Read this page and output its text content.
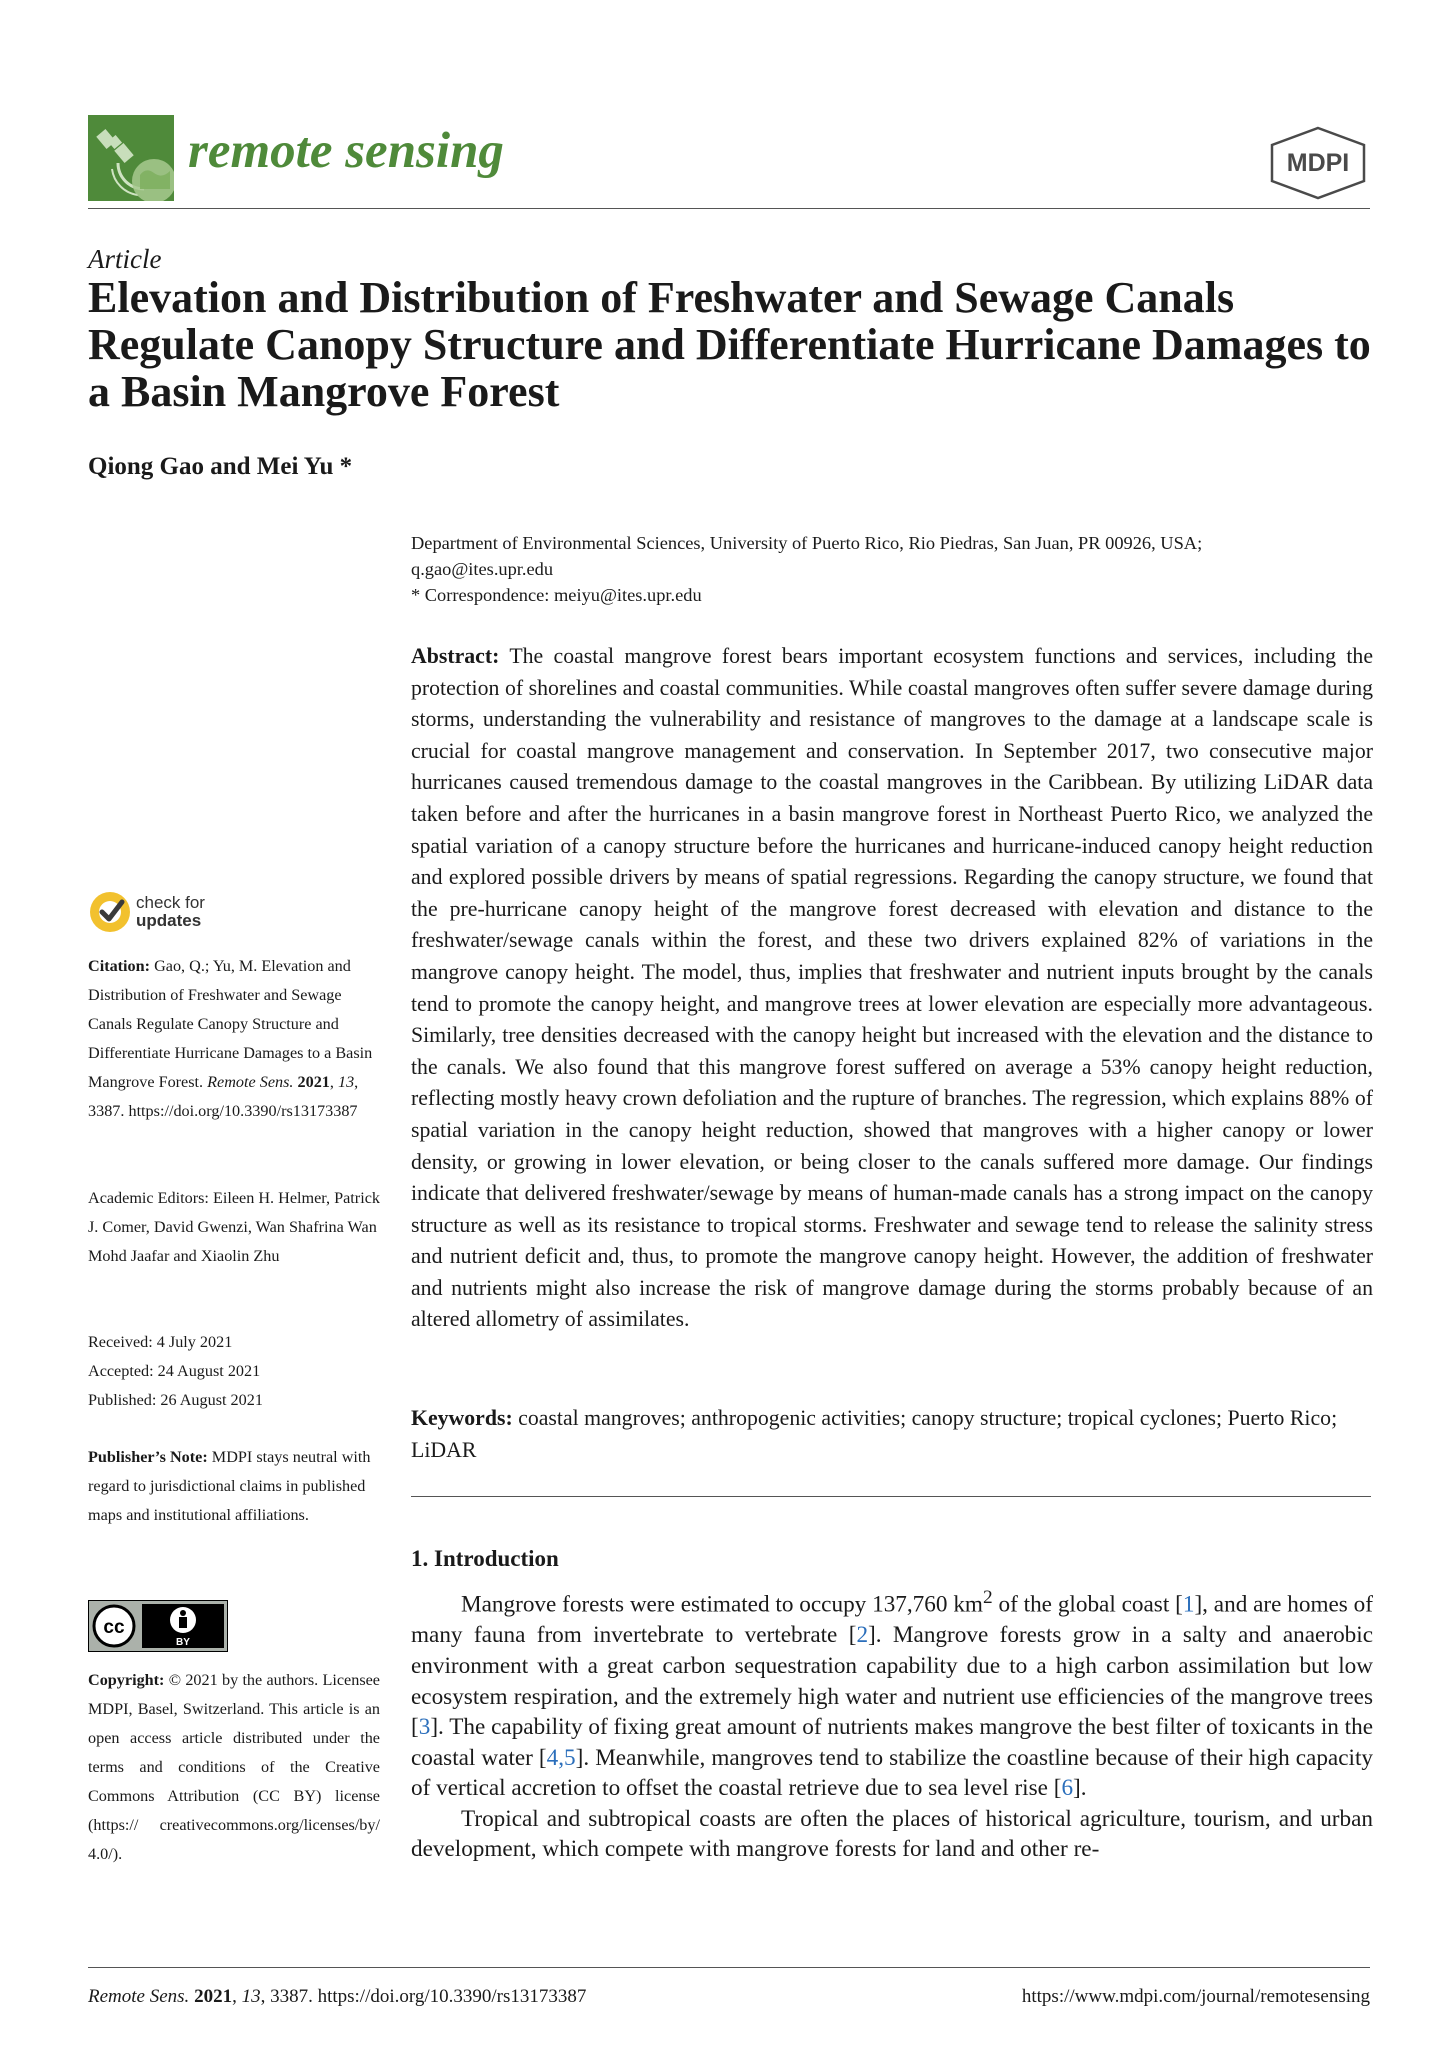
remote sensing	MDPI
Article
Elevation and Distribution of Freshwater and Sewage Canals Regulate Canopy Structure and Differentiate Hurricane Damages to a Basin Mangrove Forest
Qiong Gao and Mei Yu *
Department of Environmental Sciences, University of Puerto Rico, Rio Piedras, San Juan, PR 00926, USA;
q.gao@ites.upr.edu
* Correspondence: meiyu@ites.upr.edu
Abstract: The coastal mangrove forest bears important ecosystem functions and services, including the protection of shorelines and coastal communities. While coastal mangroves often suffer severe damage during storms, understanding the vulnerability and resistance of mangroves to the damage at a landscape scale is crucial for coastal mangrove management and conservation. In September 2017, two consecutive major hurricanes caused tremendous damage to the coastal mangroves in the Caribbean. By utilizing LiDAR data taken before and after the hurricanes in a basin mangrove forest in Northeast Puerto Rico, we analyzed the spatial variation of a canopy structure before the hurricanes and hurricane-induced canopy height reduction and explored possible drivers by means of spatial regressions. Regarding the canopy structure, we found that the pre-hurricane canopy height of the mangrove forest decreased with elevation and distance to the freshwater/sewage canals within the forest, and these two drivers explained 82% of variations in the mangrove canopy height. The model, thus, implies that freshwater and nutrient inputs brought by the canals tend to promote the canopy height, and mangrove trees at lower elevation are especially more advantageous. Similarly, tree densities decreased with the canopy height but increased with the elevation and the distance to the canals. We also found that this mangrove forest suffered on average a 53% canopy height reduction, reflecting mostly heavy crown defoliation and the rupture of branches. The regression, which explains 88% of spatial variation in the canopy height reduction, showed that mangroves with a higher canopy or lower density, or growing in lower elevation, or being closer to the canals suffered more damage. Our findings indicate that delivered freshwater/sewage by means of human-made canals has a strong impact on the canopy structure as well as its resistance to tropical storms. Freshwater and sewage tend to release the salinity stress and nutrient deficit and, thus, to promote the mangrove canopy height. However, the addition of freshwater and nutrients might also increase the risk of mangrove damage during the storms probably because of an altered allometry of assimilates.
Keywords: coastal mangroves; anthropogenic activities; canopy structure; tropical cyclones; Puerto Rico; LiDAR
1. Introduction

Mangrove forests were estimated to occupy 137,760 $km^2$ of the global coast [1], and are homes of many fauna from invertebrate to vertebrate [2]. Mangrove forests grow in a salty and anaerobic environment with a great carbon sequestration capability due to a high carbon assimilation but low ecosystem respiration, and the extremely high water and nutrient use efficiencies of the mangrove trees [3]. The capability of fixing great amount of nutrients makes mangrove the best filter of toxicants in the coastal water [4,5]. Meanwhile, mangroves tend to stabilize the coastline because of their high capacity of vertical accretion to offset the coastal retrieve due to sea level rise [6].

Tropical and subtropical coasts are often the places of historical agriculture, tourism, and urban development, which compete with mangrove forests for land and other re-

check for
updates
Citation: Gao, Q.; Yu, M. Elevation and Distribution of Freshwater and Sewage Canals Regulate Canopy Structure and Differentiate Hurricane Damages to a Basin Mangrove Forest. Remote Sens. 2021, 13, 3387. https://doi.org/10.3390/rs13173387
Academic Editors: Eileen H. Helmer, Patrick J. Comer, David Gwenzi, Wan Shafrina Wan Mohd Jaafar and Xiaolin Zhu
Received: 4 July 2021
Accepted: 24 August 2021
Published: 26 August 2021
Publisher’s Note: MDPI stays neutral with regard to jurisdictional claims in published maps and institutional affiliations.
cc
BY
Copyright: © 2021 by the authors. Licensee MDPI, Basel, Switzerland. This article is an open access article distributed under the terms and conditions of the Creative Commons Attribution (CC BY) license (https:// creativecommons.org/licenses/by/ 4.0/).
Remote Sens. 2021, 13, 3387. https://doi.org/10.3390/rs13173387	https://www.mdpi.com/journal/remotesensing
